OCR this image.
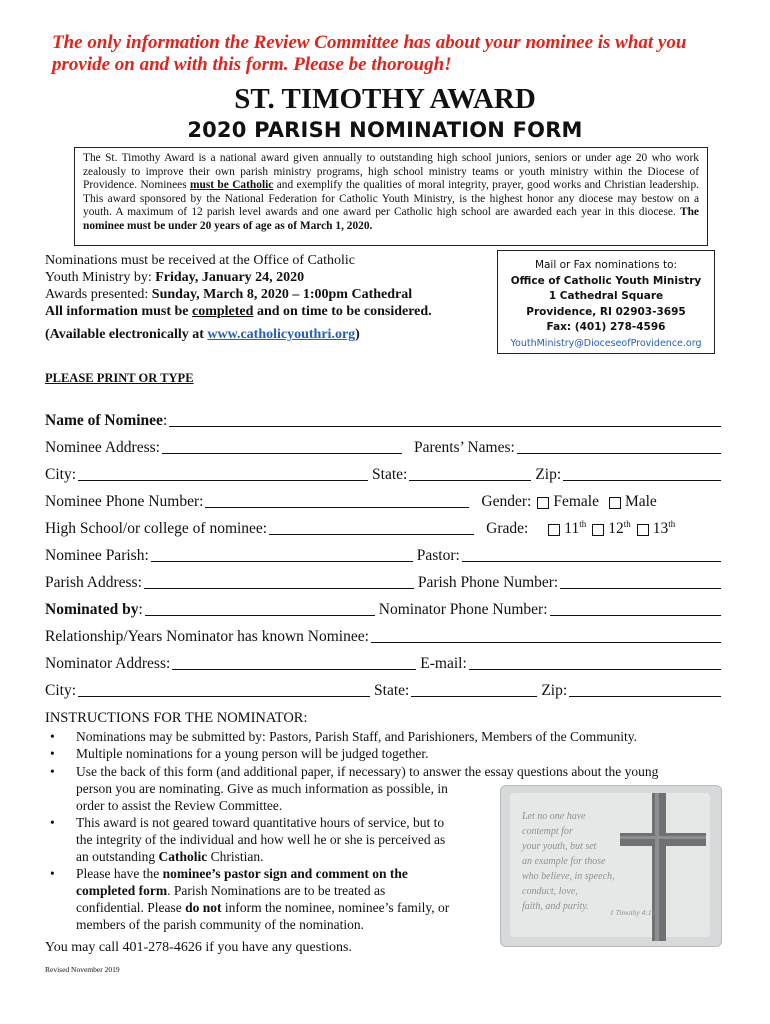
The only information the Review Committee has about your nominee is what you
provide on and with this form. Please be thorough!
ST. TIMOTHY AWARD
2020 PARISH NOMINATION FORM
The St. Timothy Award is a national award given annually to outstanding high school juniors, seniors or under age 20 who work zealously to improve their own parish ministry programs, high school ministry teams or youth ministry within the Diocese of Providence. Nominees must be Catholic and exemplify the qualities of moral integrity, prayer, good works and Christian leadership. This award sponsored by the National Federation for Catholic Youth Ministry, is the highest honor any diocese may bestow on a youth. A maximum of 12 parish level awards and one award per Catholic high school are awarded each year in this diocese. The nominee must be under 20 years of age as of March 1, 2020.
Nominations must be received at the Office of Catholic
Youth Ministry by: Friday, January 24, 2020
Awards presented: Sunday, March 8, 2020 – 1:00pm Cathedral
All information must be completed and on time to be considered.
(Available electronically at www.catholicyouthri.org)
Mail or Fax nominations to:
Office of Catholic Youth Ministry
1 Cathedral Square
Providence, RI 02903-3695
Fax: (401) 278-4596
YouthMinistry@DioceseofProvidence.org
PLEASE PRINT OR TYPE
Name of Nominee :
Nominee Address:	Parents’ Names:
City:	State:	Zip:
Nominee Phone Number:	Gender: Female Male
High School/or college of nominee:	Grade: 11th 12th 13th
Nominee Parish:	Pastor:
Parish Address:	Parish Phone Number:
Nominated by :	Nominator Phone Number:
Relationship/Years Nominator has known Nominee:
Nominator Address:	E-mail:
City:	State:	Zip:
INSTRUCTIONS FOR THE NOMINATOR:
• Nominations may be submitted by: Pastors, Parish Staff, and Parishioners, Members of the Community.
• Multiple nominations for a young person will be judged together.
• Use the back of this form (and additional paper, if necessary) to answer the essay questions about the young
person you are nominating. Give as much information as possible, in
order to assist the Review Committee.
• This award is not geared toward quantitative hours of service, but to
the integrity of the individual and how well he or she is perceived as
an outstanding Catholic Christian.
• Please have the nominee’s pastor sign and comment on the
completed form. Parish Nominations are to be treated as
confidential. Please do not inform the nominee, nominee’s family, or
members of the parish community of the nomination.
You may call 401-278-4626 if you have any questions.
Revised November 2019
Let no one have
contempt for
your youth, but set
an example for those
who believe, in speech,
conduct, love,
faith, and purity.
1 Timothy 4:12
